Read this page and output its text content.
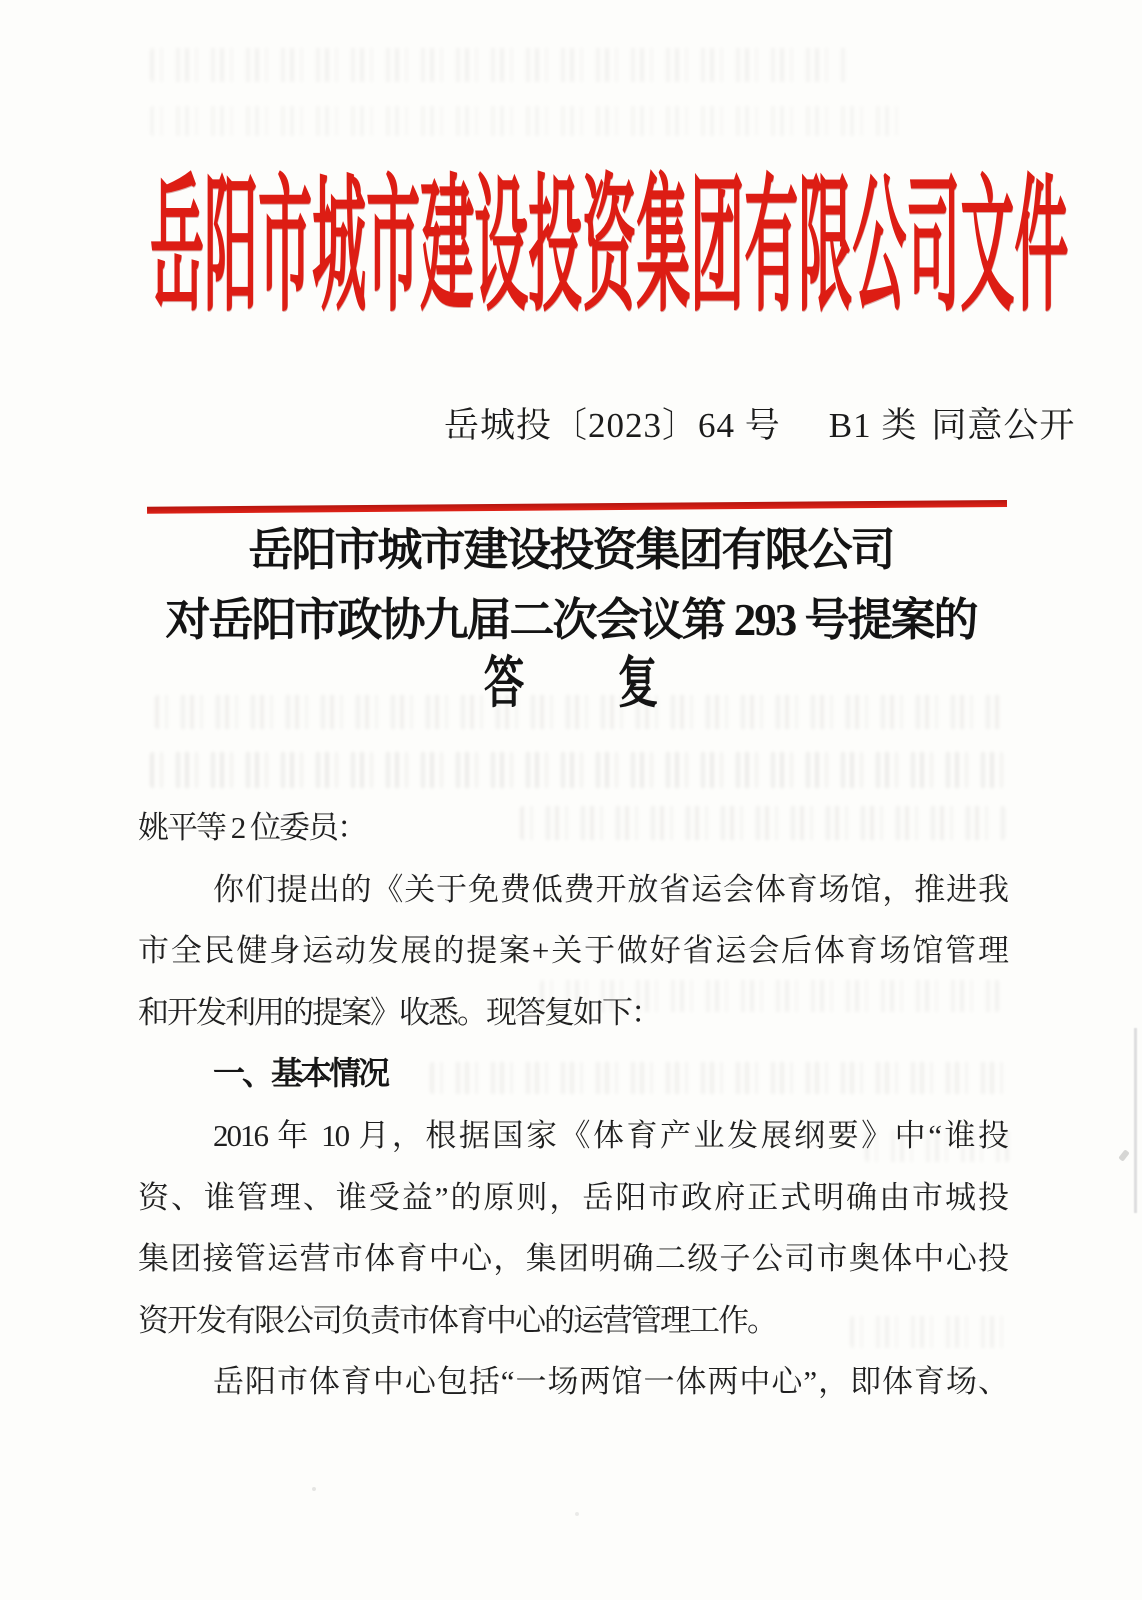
岳阳市城市建设投资集团有限公司文件
岳城投〔2023〕64 号 B1 类 同意公开
岳阳市城市建设投资集团有限公司
对岳阳市政协九届二次会议第 293 号提案的
答 复
姚平等 2 位委员：
你们提出的《关于免费低费开放省运会体育场馆，推进我
市全民健身运动发展的提案+关于做好省运会后体育场馆管理
和开发利用的提案》收悉。现答复如下：
一、基本情况
2016 年 10 月，根据国家《体育产业发展纲要》中“谁投
资、谁管理、谁受益”的原则，岳阳市政府正式明确由市城投
集团接管运营市体育中心，集团明确二级子公司市奥体中心投
资开发有限公司负责市体育中心的运营管理工作。
岳阳市体育中心包括“一场两馆一体两中心”，即体育场、
